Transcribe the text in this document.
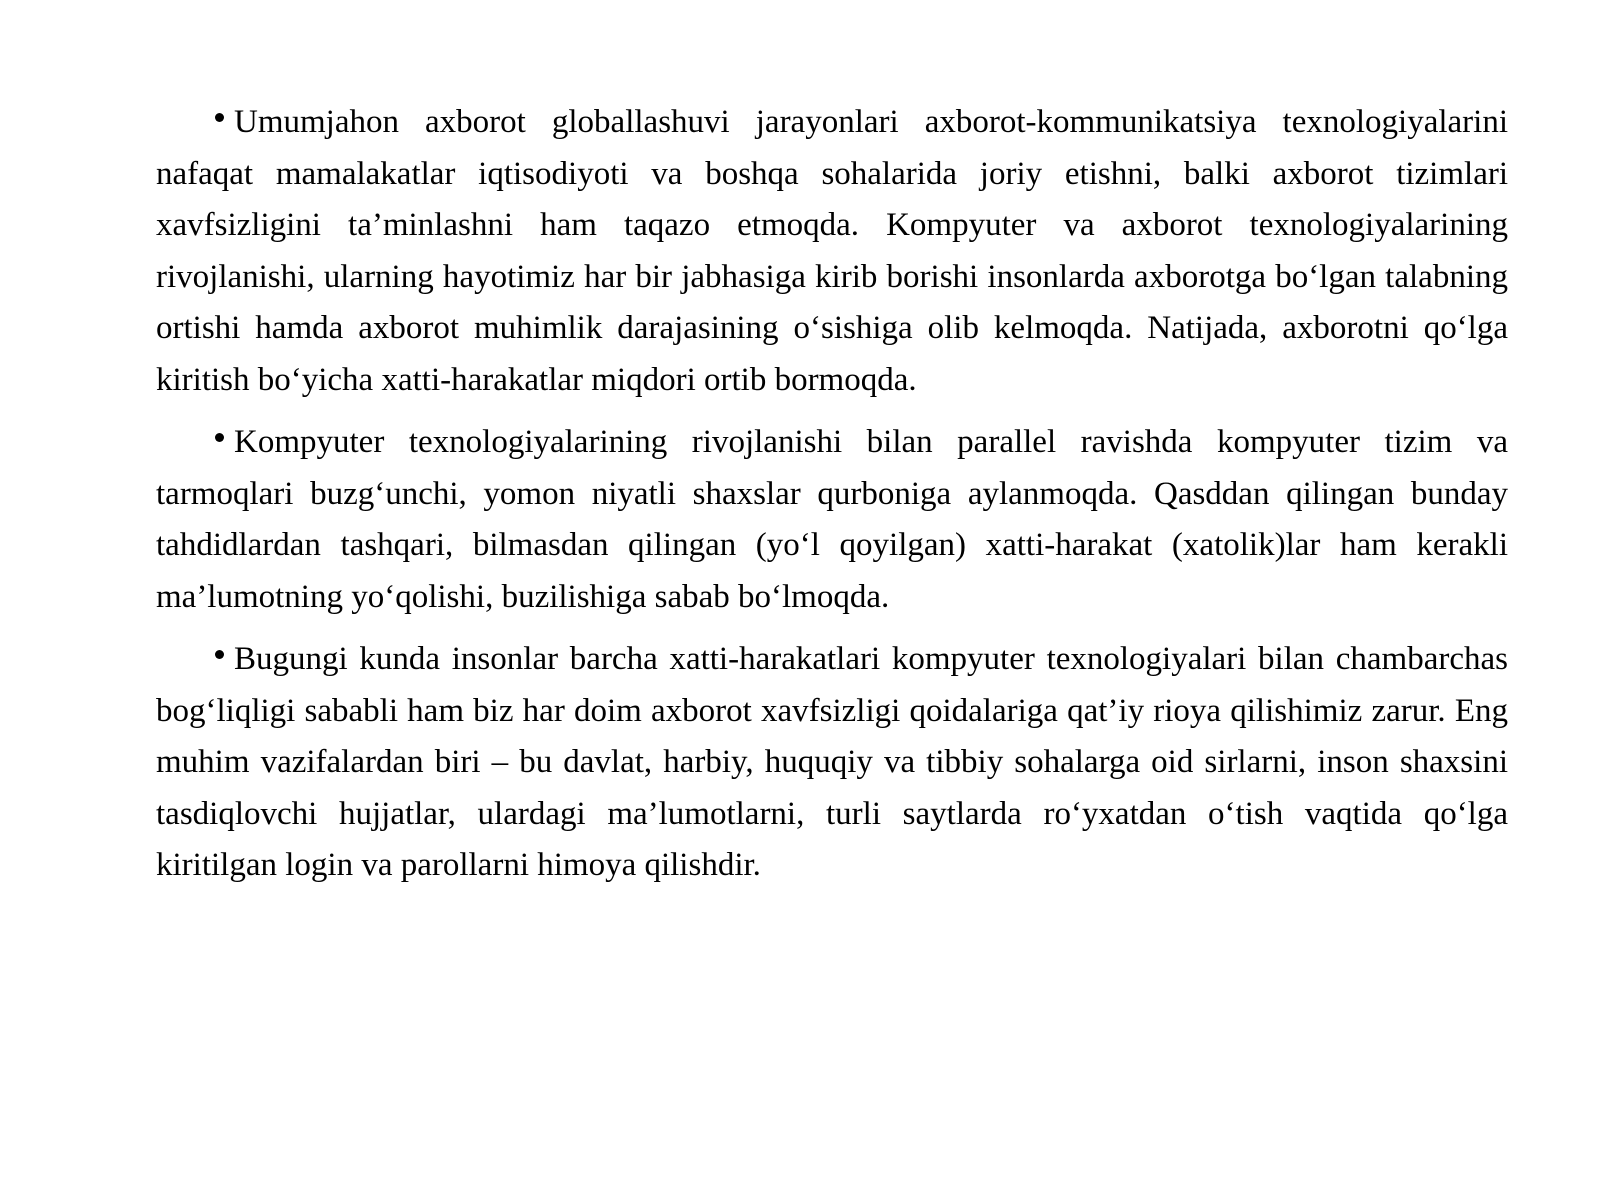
Umumjahon axborot globallashuvi jarayonlari axborot-kommunikatsiya texnologiyalarini nafaqat mamalakatlar iqtisodiyoti va boshqa sohalarida joriy etishni, balki axborot tizimlari xavfsizligini ta’minlashni ham taqazo etmoqda. Kompyuter va axborot texnologiyalarining rivojlanishi, ularning hayotimiz har bir jabhasiga kirib borishi insonlarda axborotga bo‘lgan talabning ortishi hamda axborot muhimlik darajasining o‘sishiga olib kelmoqda. Natijada, axborotni qo‘lga kiritish bo‘yicha xatti-harakatlar miqdori ortib bormoqda.

Kompyuter texnologiyalarining rivojlanishi bilan parallel ravishda kompyuter tizim va tarmoqlari buzg‘unchi, yomon niyatli shaxslar qurboniga aylanmoqda. Qasddan qilingan bunday tahdidlardan tashqari, bilmasdan qilingan (yo‘l qoyilgan) xatti-harakat (xatolik)lar ham kerakli ma’lumotning yo‘qolishi, buzilishiga sabab bo‘lmoqda.

Bugungi kunda insonlar barcha xatti-harakatlari kompyuter texnologiyalari bilan chambarchas bog‘liqligi sababli ham biz har doim axborot xavfsizligi qoidalariga qat’iy rioya qilishimiz zarur. Eng muhim vazifalardan biri – bu davlat, harbiy, huquqiy va tibbiy sohalarga oid sirlarni, inson shaxsini tasdiqlovchi hujjatlar, ulardagi ma’lumotlarni, turli saytlarda ro‘yxatdan o‘tish vaqtida qo‘lga kiritilgan login va parollarni himoya qilishdir.
